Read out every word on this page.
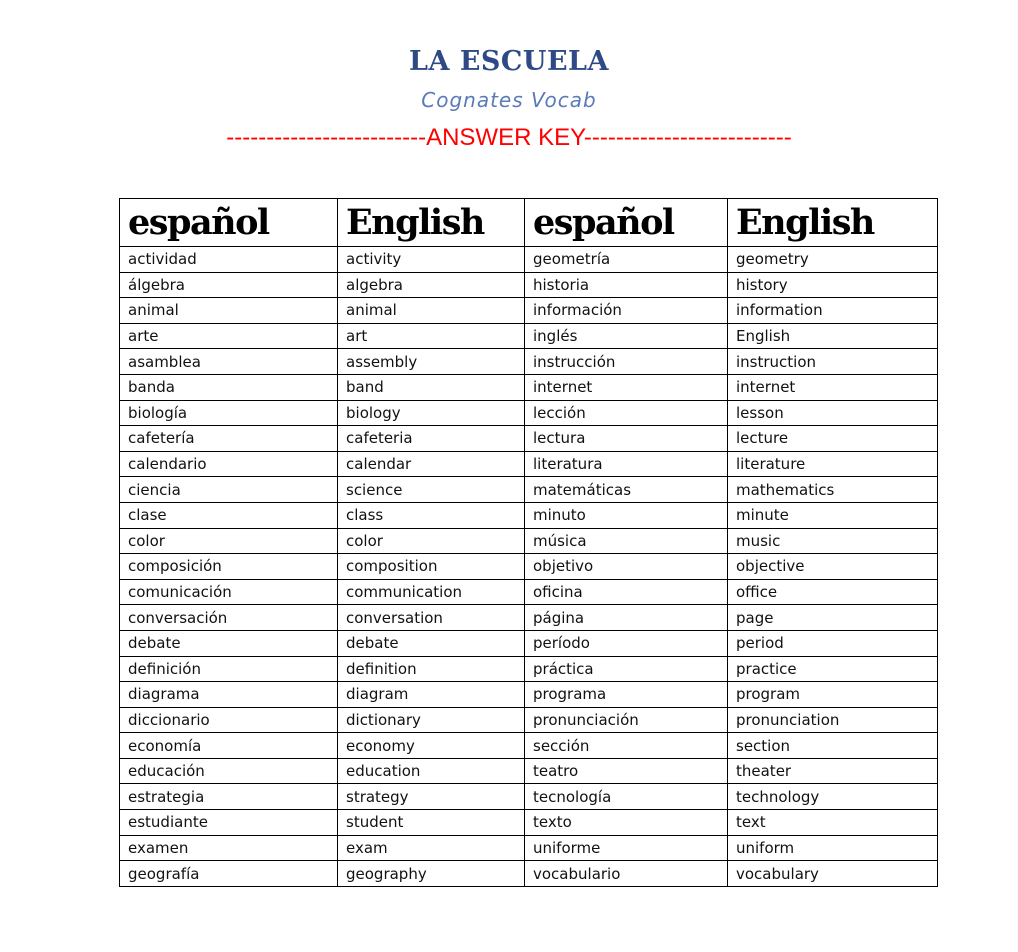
LA ESCUELA
Cognates Vocab
-------------------------ANSWER KEY--------------------------
español	English	español	English
actividad	activity	geometría	geometry
álgebra	algebra	historia	history
animal	animal	información	information
arte	art	inglés	English
asamblea	assembly	instrucción	instruction
banda	band	internet	internet
biología	biology	lección	lesson
cafetería	cafeteria	lectura	lecture
calendario	calendar	literatura	literature
ciencia	science	matemáticas	mathematics
clase	class	minuto	minute
color	color	música	music
composición	composition	objetivo	objective
comunicación	communication	oficina	office
conversación	conversation	página	page
debate	debate	período	period
definición	definition	práctica	practice
diagrama	diagram	programa	program
diccionario	dictionary	pronunciación	pronunciation
economía	economy	sección	section
educación	education	teatro	theater
estrategia	strategy	tecnología	technology
estudiante	student	texto	text
examen	exam	uniforme	uniform
geografía	geography	vocabulario	vocabulary
